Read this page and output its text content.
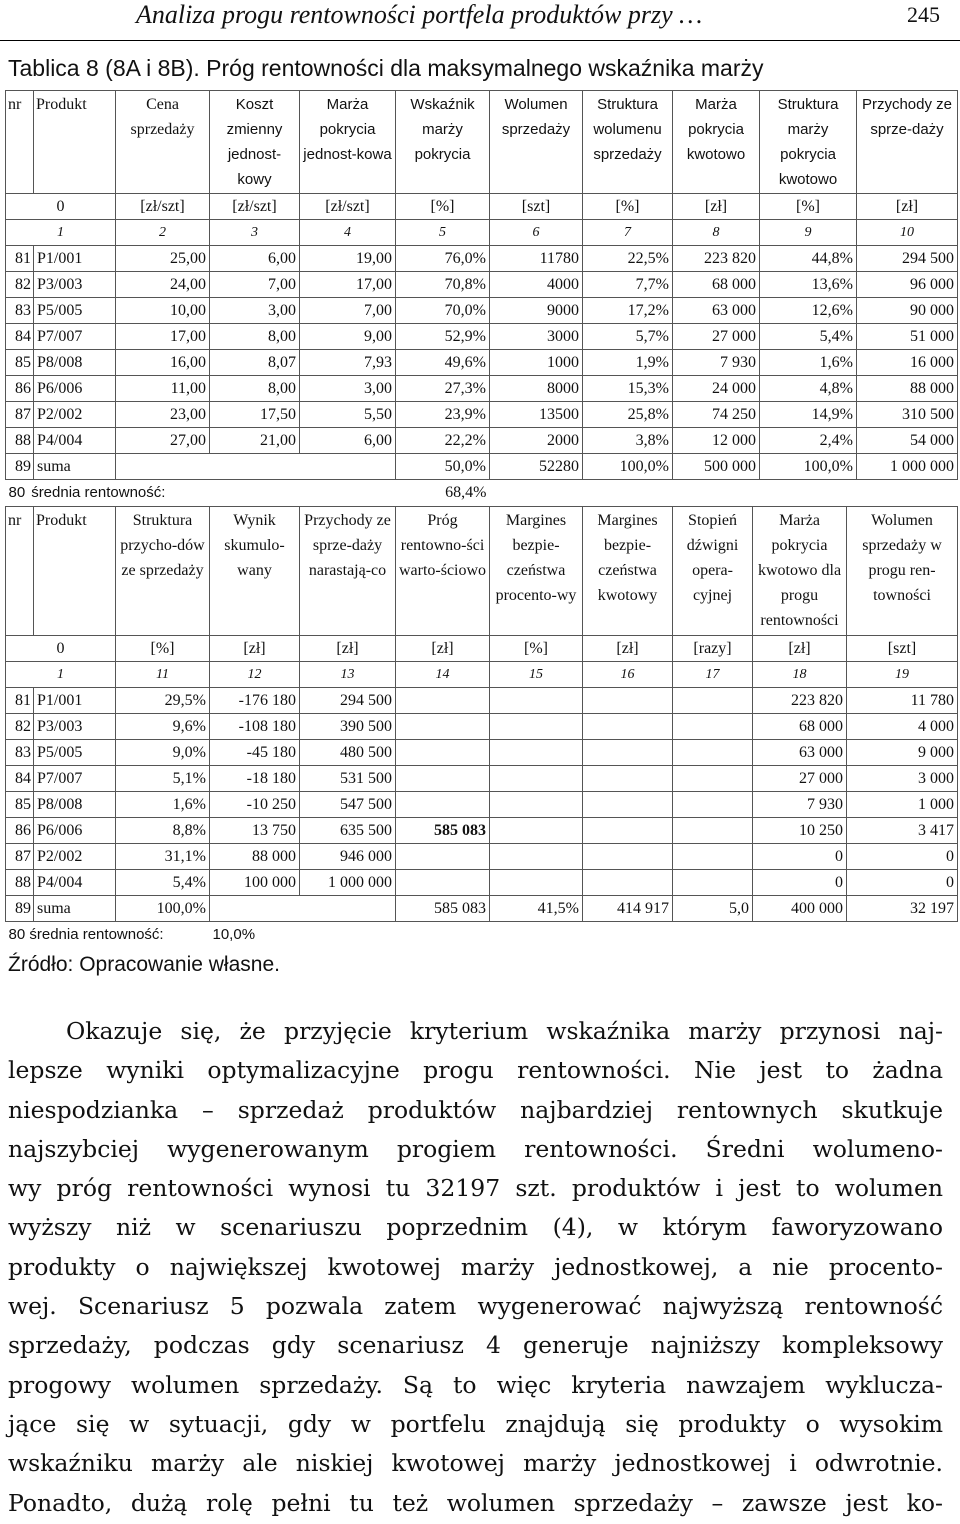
Analiza progu rentowności portfela produktów przy …	245
Tablica 8 (8A i 8B). Próg rentowności dla maksymalnego wskaźnika marży
nr	Produkt	Cena sprzedaży	Koszt zmienny jednost-kowy	Marża pokrycia jednost-kowa	Wskaźnik marży pokrycia	Wolumen sprzedaży	Struktura wolumenu sprzedaży	Marża pokrycia kwotowo	Struktura marży pokrycia kwotowo	Przychody ze sprze-daży
0		[zł/szt]	[zł/szt]	[zł/szt]	[%]	[szt]	[%]	[zł]	[%]	[zł]
1		2	3	4	5	6	7	8	9	10
81	P1/001	25,00	6,00	19,00	76,0%	11780	22,5%	223 820	44,8%	294 500
82	P3/003	24,00	7,00	17,00	70,8%	4000	7,7%	68 000	13,6%	96 000
83	P5/005	10,00	3,00	7,00	70,0%	9000	17,2%	63 000	12,6%	90 000
84	P7/007	17,00	8,00	9,00	52,9%	3000	5,7%	27 000	5,4%	51 000
85	P8/008	16,00	8,07	7,93	49,6%	1000	1,9%	7 930	1,6%	16 000
86	P6/006	11,00	8,00	3,00	27,3%	8000	15,3%	24 000	4,8%	88 000
87	P2/002	23,00	17,50	5,50	23,9%	13500	25,8%	74 250	14,9%	310 500
88	P4/004	27,00	21,00	6,00	22,2%	2000	3,8%	12 000	2,4%	54 000
89	suma				50,0%	52280	100,0%	500 000	100,0%	1 000 000
80 średnia rentowność:					68,4%					
nr	Produkt	Struktura przycho-dów ze sprzedaży	Wynik skumulo-wany	Przychody ze sprze-daży narastają-co	Próg rentowno-ści warto-ściowo	Margines bezpie-czeństwa procento-wy	Margines bezpie-czeństwa kwotowy	Stopień dźwigni opera-cyjnej	Marża pokrycia kwotowo dla progu rentowności	Wolumen sprzedaży w progu ren-towności
0		[%]	[zł]	[zł]	[zł]	[%]	[zł]	[razy]	[zł]	[szt]
1		11	12	13	14	15	16	17	18	19
81	P1/001	29,5%	-176 180	294 500					223 820	11 780
82	P3/003	9,6%	-108 180	390 500					68 000	4 000
83	P5/005	9,0%	-45 180	480 500					63 000	9 000
84	P7/007	5,1%	-18 180	531 500					27 000	3 000
85	P8/008	1,6%	-10 250	547 500					7 930	1 000
86	P6/006	8,8%	13 750	635 500	585 083				10 250	3 417
87	P2/002	31,1%	88 000	946 000					0	0
88	P4/004	5,4%	100 000	1 000 000					0	0
89	suma	100,0%			585 083	41,5%	414 917	5,0	400 000	32 197
80 średnia rentowność:			10,0%							
Źródło: Opracowanie własne.
Okazuje się, że przyjęcie kryterium wskaźnika marży przynosi naj-
lepsze wyniki optymalizacyjne progu rentowności. Nie jest to żadna
niespodzianka – sprzedaż produktów najbardziej rentownych skutkuje
najszybciej wygenerowanym progiem rentowności. Średni wolumeno-
wy próg rentowności wynosi tu 32197 szt. produktów i jest to wolumen
wyższy niż w scenariuszu poprzednim (4), w którym faworyzowano
produkty o największej kwotowej marży jednostkowej, a nie procento-
wej. Scenariusz 5 pozwala zatem wygenerować najwyższą rentowność
sprzedaży, podczas gdy scenariusz 4 generuje najniższy kompleksowy
progowy wolumen sprzedaży. Są to więc kryteria nawzajem wyklucza-
jące się w sytuacji, gdy w portfelu znajdują się produkty o wysokim
wskaźniku marży ale niskiej kwotowej marży jednostkowej i odwrotnie.
Ponadto, dużą rolę pełni tu też wolumen sprzedaży – zawsze jest ko-
